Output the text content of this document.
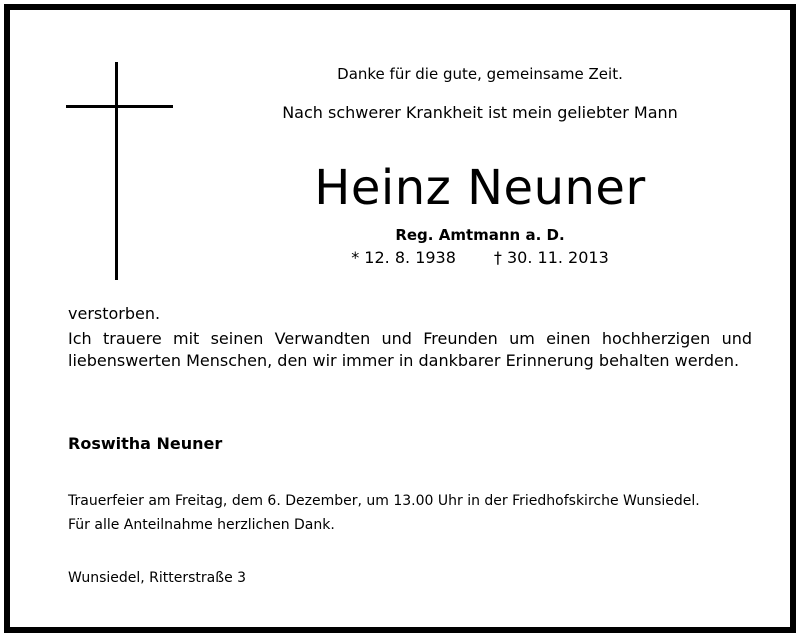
Danke für die gute, gemeinsame Zeit.
Nach schwerer Krankheit ist mein geliebter Mann
Heinz Neuner
Reg. Amtmann a. D.
* 12. 8. 1938 † 30. 11. 2013
verstorben.
Ich trauere mit seinen Verwandten und Freunden um einen hochherzigen und liebenswerten Menschen, den wir immer in dankbarer Erinnerung behalten werden.
Roswitha Neuner
Trauerfeier am Freitag, dem 6. Dezember, um 13.00 Uhr in der Friedhofskirche Wunsiedel.
Für alle Anteilnahme herzlichen Dank.
Wunsiedel, Ritterstraße 3
